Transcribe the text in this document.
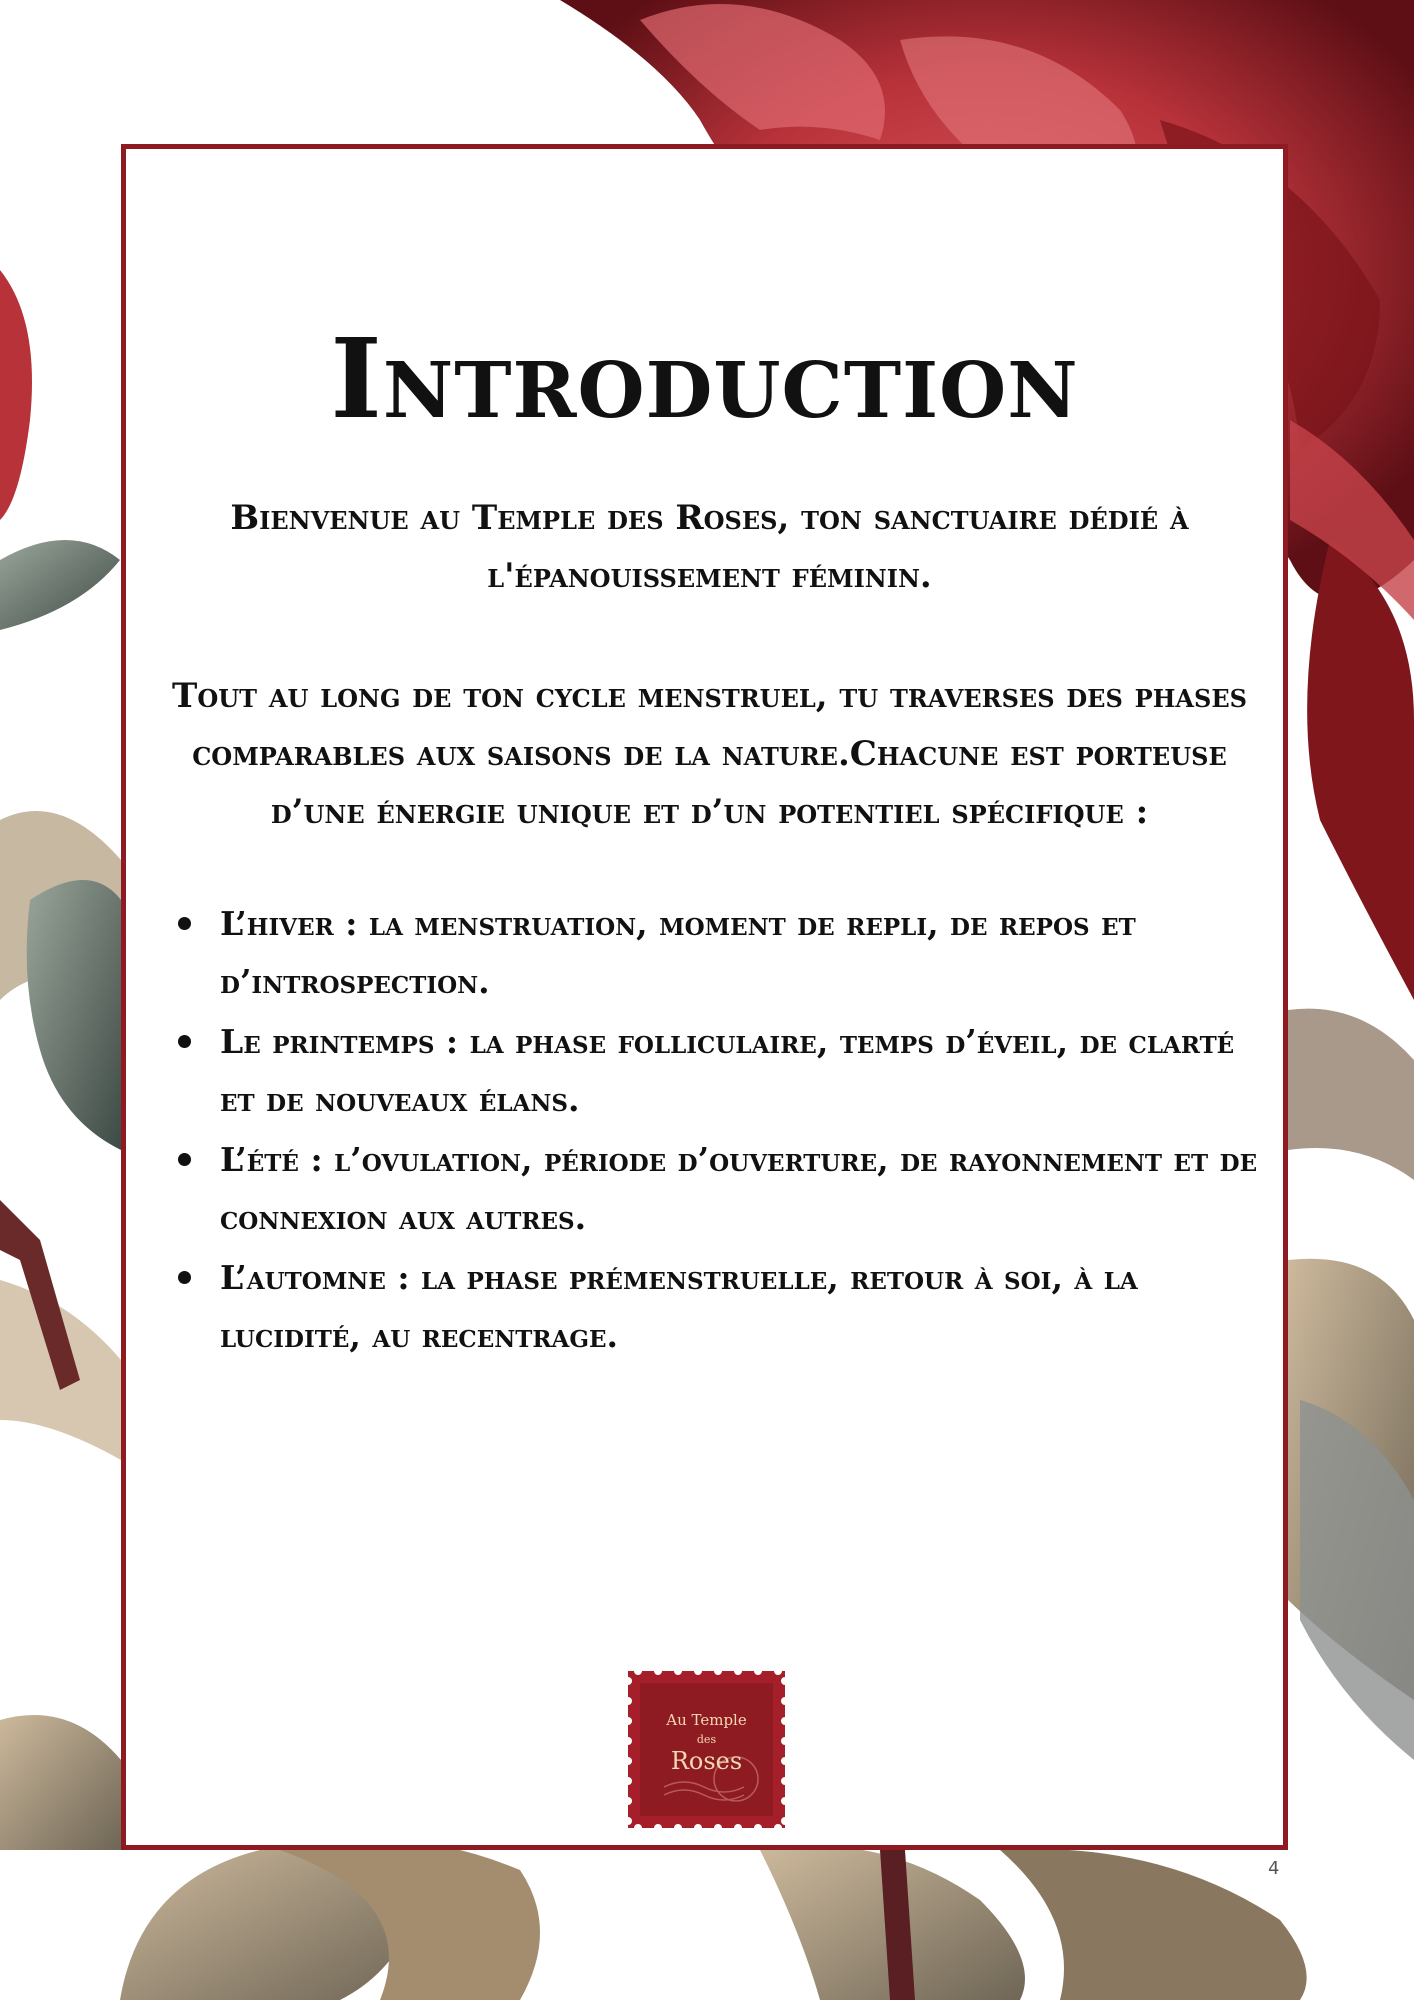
Introduction

Bienvenue au Temple des Roses, ton sanctuaire dédié à l'épanouissement féminin.

Tout au long de ton cycle menstruel, tu traverses des phases comparables aux saisons de la nature.Chacune est porteuse d’une énergie unique et d’un potentiel spécifique :

L’hiver : la menstruation, moment de repli, de repos et d’introspection.
Le printemps : la phase folliculaire, temps d’éveil, de clarté et de nouveaux élans.
L’été : l’ovulation, période d’ouverture, de rayonnement et de connexion aux autres.
L’automne : la phase prémenstruelle, retour à soi, à la lucidité, au recentrage.
Au Temple
des
Roses
4
